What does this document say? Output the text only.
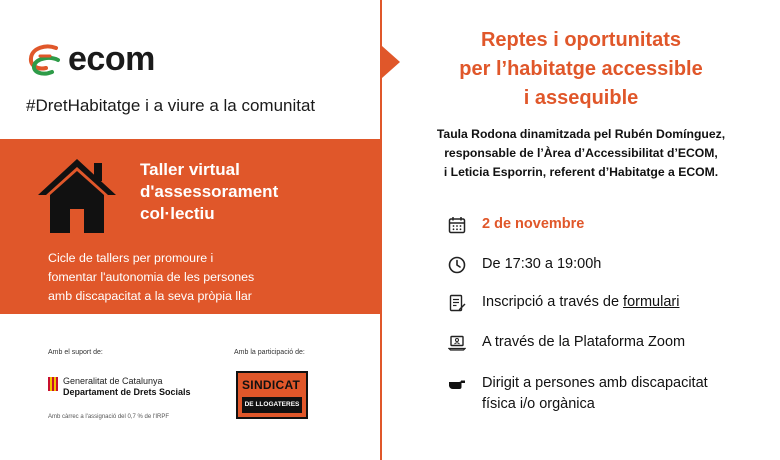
ecom
#DretHabitatge i a viure a la comunitat
Taller virtual
d'assessorament
col·lectiu
Cicle de tallers per promoure i
fomentar l'autonomia de les persones
amb discapacitat a la seva pròpia llar
Amb el suport de:	Amb la participació de:
Generalitat de Catalunya
Departament de Drets Socials
Amb càrrec a l'assignació del 0,7 % de l'IRPF
SINDICAT
DE LLOGATERES
Reptes i oportunitats
per l’habitatge accessible
i assequible
Taula Rodona dinamitzada pel Rubén Domínguez,
responsable de l’Àrea d’Accessibilitat d’ECOM,
i Leticia Esporrin, referent d’Habitatge a ECOM.
2 de novembre
De 17:30 a 19:00h
Inscripció a través de formulari
A través de la Plataforma Zoom
Dirigit a persones amb discapacitat
física i/o orgànica
